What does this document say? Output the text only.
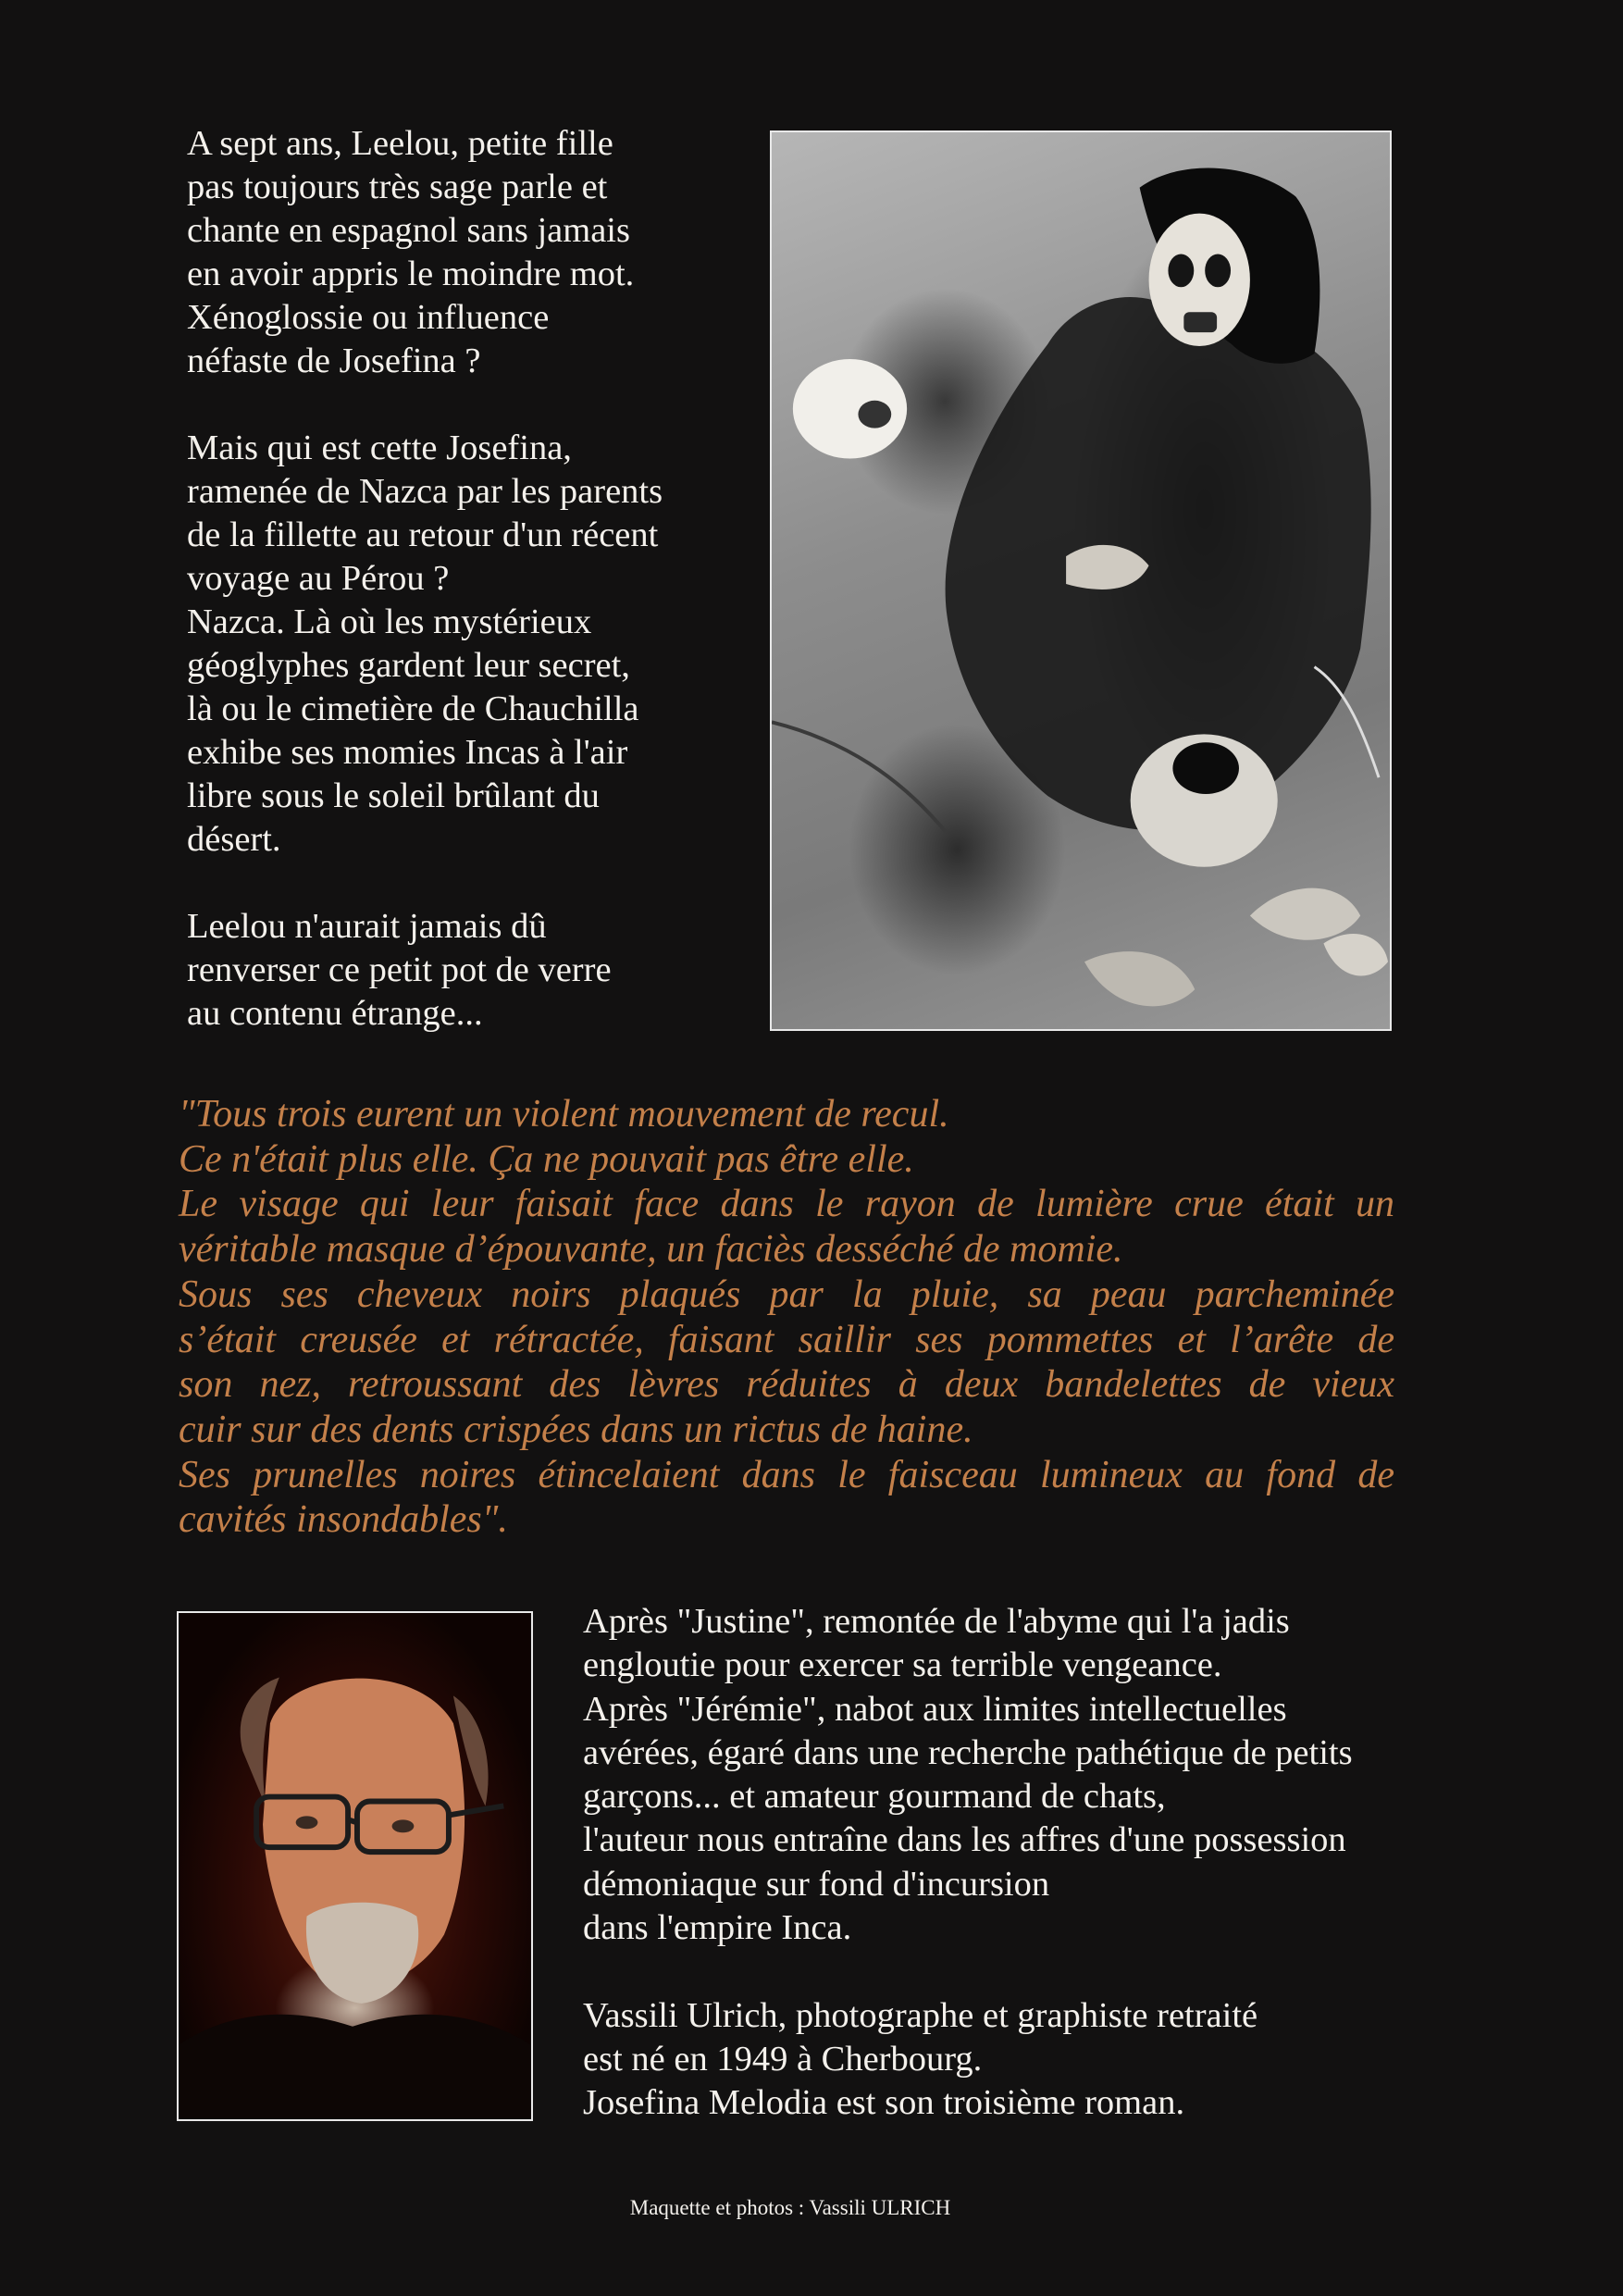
A sept ans, Leelou, petite fille
pas toujours très sage parle et
chante en espagnol sans jamais
en avoir appris le moindre mot.
Xénoglossie ou influence
néfaste de Josefina ?
Mais qui est cette Josefina,
ramenée de Nazca par les parents
de la fillette au retour d'un récent
voyage au Pérou ?
Nazca. Là où les mystérieux
géoglyphes gardent leur secret,
là ou le cimetière de Chauchilla
exhibe ses momies Incas à l'air
libre sous le soleil brûlant du
désert.
Leelou n'aurait jamais dû
renverser ce petit pot de verre
au contenu étrange...
"Tous trois eurent un violent mouvement de recul.
Ce n'était plus elle. Ça ne pouvait pas être elle.
Le visage qui leur faisait face dans le rayon de lumière crue était un
véritable masque d’épouvante, un faciès desséché de momie.
Sous ses cheveux noirs plaqués par la pluie, sa peau parcheminée
s’était creusée et rétractée, faisant saillir ses pommettes et l’arête de
son nez, retroussant des lèvres réduites à deux bandelettes de vieux
cuir sur des dents crispées dans un rictus de haine.
Ses prunelles noires étincelaient dans le faisceau lumineux au fond de
cavités insondables".
Après "Justine", remontée de l'abyme qui l'a jadis
engloutie pour exercer sa terrible vengeance.
Après "Jérémie", nabot aux limites intellectuelles
avérées, égaré dans une recherche pathétique de petits
garçons... et amateur gourmand de chats,
l'auteur nous entraîne dans les affres d'une possession
démoniaque sur fond d'incursion
dans l'empire Inca.
Vassili Ulrich, photographe et graphiste retraité
est né en 1949 à Cherbourg.
Josefina Melodia est son troisième roman.
Maquette et photos : Vassili ULRICH
